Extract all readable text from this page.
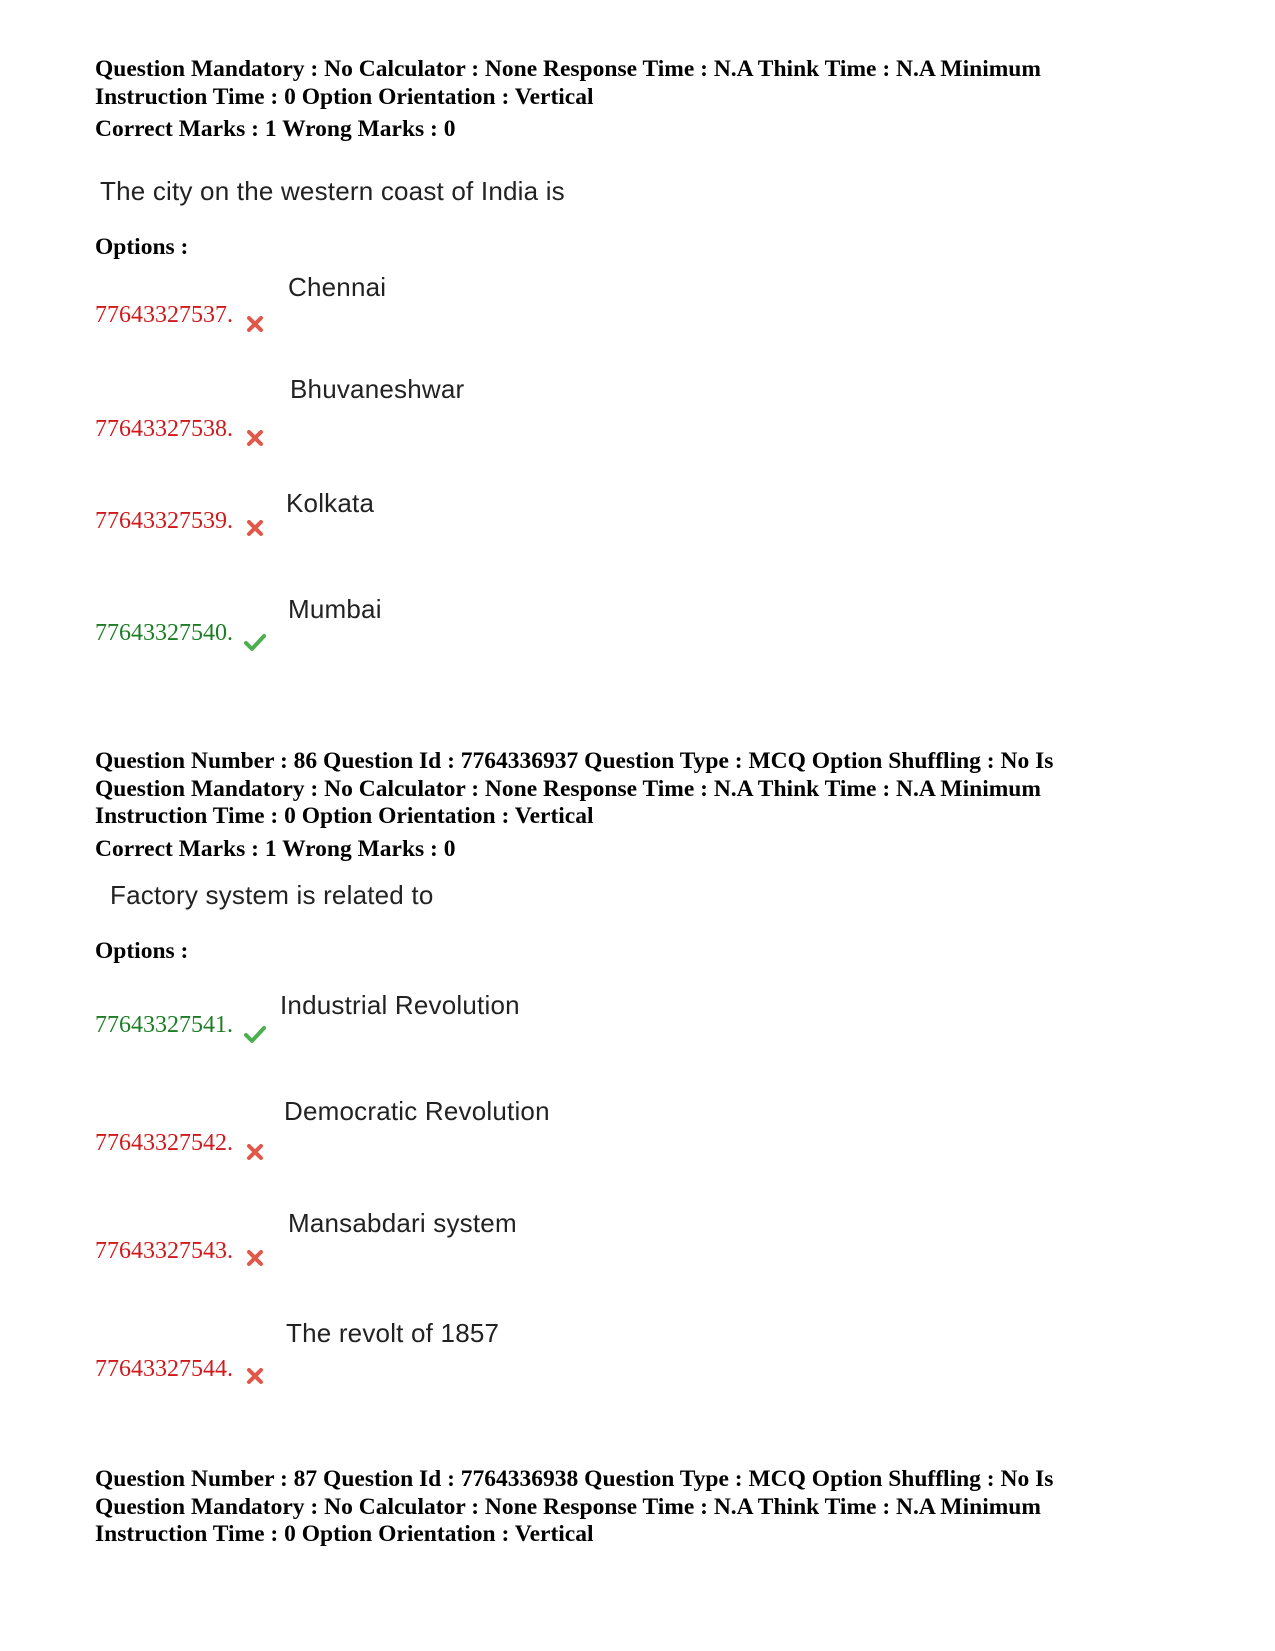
Question Mandatory : No Calculator : None Response Time : N.A Think Time : N.A Minimum
Instruction Time : 0 Option Orientation : Vertical
Correct Marks : 1 Wrong Marks : 0
The city on the western coast of India is
Options :
Chennai
77643327537.
Bhuvaneshwar
77643327538.
Kolkata
77643327539.
Mumbai
77643327540.
Question Number : 86 Question Id : 7764336937 Question Type : MCQ Option Shuffling : No Is
Question Mandatory : No Calculator : None Response Time : N.A Think Time : N.A Minimum
Instruction Time : 0 Option Orientation : Vertical
Correct Marks : 1 Wrong Marks : 0
Factory system is related to
Options :
Industrial Revolution
77643327541.
Democratic Revolution
77643327542.
Mansabdari system
77643327543.
The revolt of 1857
77643327544.
Question Number : 87 Question Id : 7764336938 Question Type : MCQ Option Shuffling : No Is
Question Mandatory : No Calculator : None Response Time : N.A Think Time : N.A Minimum
Instruction Time : 0 Option Orientation : Vertical
